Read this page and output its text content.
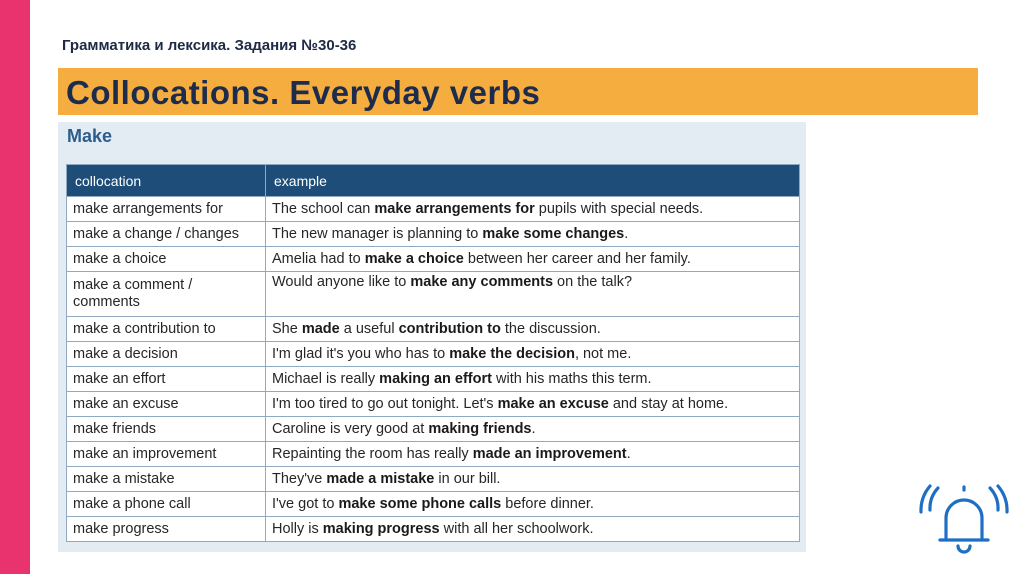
Грамматика и лексика. Задания №30-36
Collocations. Everyday verbs
Make
collocation	example
make arrangements for	The school can make arrangements for pupils with special needs.
make a change / changes	The new manager is planning to make some changes.
make a choice	Amelia had to make a choice between her career and her family.
make a comment / comments	Would anyone like to make any comments on the talk?
make a contribution to	She made a useful contribution to the discussion.
make a decision	I'm glad it's you who has to make the decision, not me.
make an effort	Michael is really making an effort with his maths this term.
make an excuse	I'm too tired to go out tonight. Let's make an excuse and stay at home.
make friends	Caroline is very good at making friends.
make an improvement	Repainting the room has really made an improvement.
make a mistake	They've made a mistake in our bill.
make a phone call	I've got to make some phone calls before dinner.
make progress	Holly is making progress with all her schoolwork.
